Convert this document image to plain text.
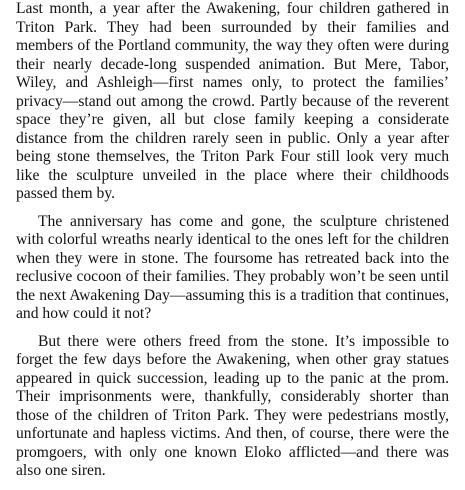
Last month, a year after the Awakening, four children gathered in Triton Park. They had been surrounded by their families and members of the Portland community, the way they often were during their nearly decade-long suspended animation. But Mere, Tabor, Wiley, and Ashleigh—first names only, to protect the families’ privacy—stand out among the crowd. Partly because of the reverent space they’re given, all but close family keeping a considerate distance from the children rarely seen in public. Only a year after being stone themselves, the Triton Park Four still look very much like the sculpture unveiled in the place where their childhoods passed them by.

The anniversary has come and gone, the sculpture christened with colorful wreaths nearly identical to the ones left for the children when they were in stone. The foursome has retreated back into the reclusive cocoon of their families. They probably won’t be seen until the next Awakening Day—assuming this is a tradition that continues, and how could it not?

But there were others freed from the stone. It’s impossible to forget the few days before the Awakening, when other gray statues appeared in quick succession, leading up to the panic at the prom. Their imprisonments were, thankfully, considerably shorter than those of the children of Triton Park. They were pedestrians mostly, unfortunate and hapless victims. And then, of course, there were the promgoers, with only one known Eloko afflicted—and there was also one siren.
